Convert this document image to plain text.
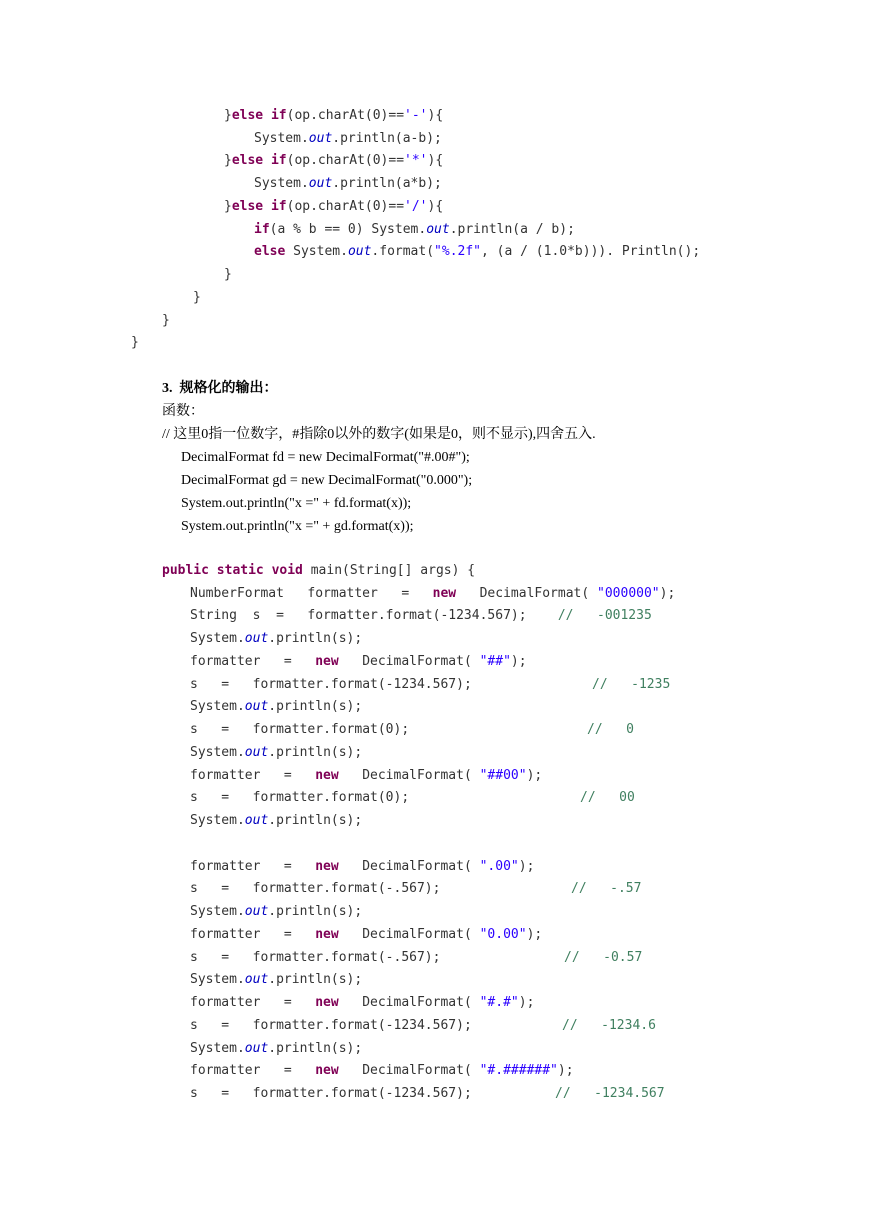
}else if(op.charAt(0)=='-'){
System.out.println(a-b);
}else if(op.charAt(0)=='*'){
System.out.println(a*b);
}else if(op.charAt(0)=='/'){
if(a % b == 0) System.out.println(a / b);
else System.out.format("%.2f", (a / (1.0*b))). Println();
}
}
}
}
3.  规格化的输出：
函数：
// 这里0指一位数字，#指除0以外的数字(如果是0，则不显示),四舍五入.
DecimalFormat fd = new DecimalFormat("#.00#");
DecimalFormat gd = new DecimalFormat("0.000");
System.out.println("x =" + fd.format(x));
System.out.println("x =" + gd.format(x));
public static void main(String[] args) {
NumberFormat   formatter   =   new   DecimalFormat( "000000");
String  s  =   formatter.format(-1234.567);    //   -001235
System.out.println(s);
formatter   =   new   DecimalFormat( "##");
s   =   formatter.format(-1234.567);	//   -1235
System.out.println(s);
s   =   formatter.format(0);	//   0
System.out.println(s);
formatter   =   new   DecimalFormat( "##00");
s   =   formatter.format(0);	//   00
System.out.println(s);
formatter   =   new   DecimalFormat( ".00");
s   =   formatter.format(-.567);	//   -.57
System.out.println(s);
formatter   =   new   DecimalFormat( "0.00");
s   =   formatter.format(-.567);	//   -0.57
System.out.println(s);
formatter   =   new   DecimalFormat( "#.#");
s   =   formatter.format(-1234.567);	//   -1234.6
System.out.println(s);
formatter   =   new   DecimalFormat( "#.######");
s   =   formatter.format(-1234.567);	//   -1234.567
